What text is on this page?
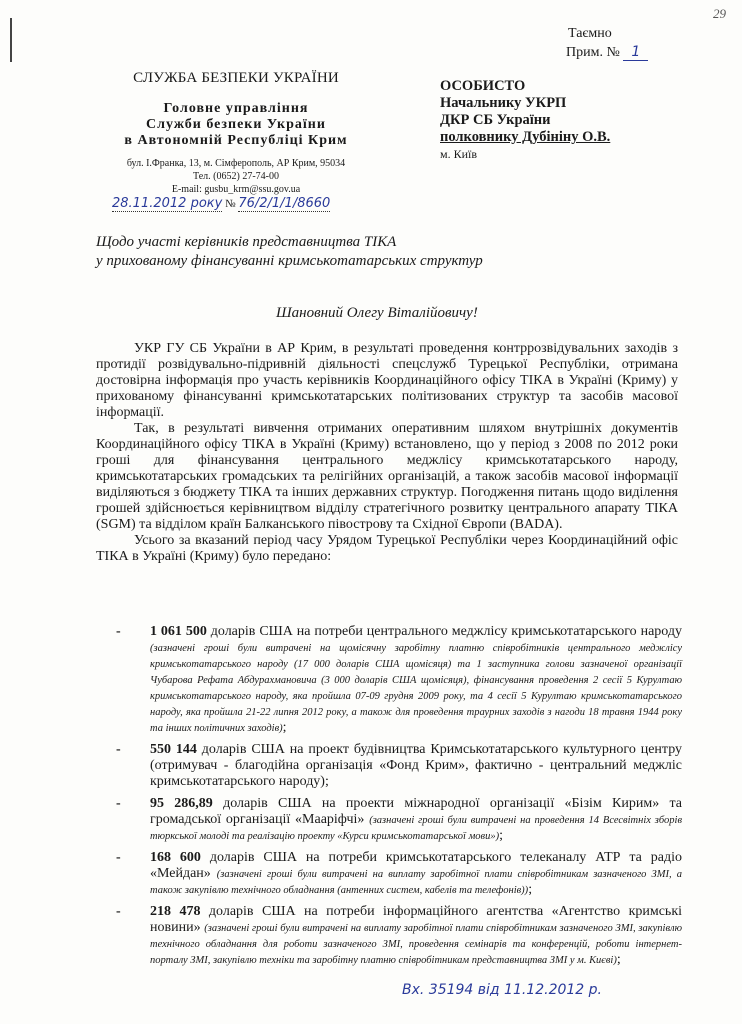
29
Таємно
Прим. № 1
СЛУЖБА БЕЗПЕКИ УКРАЇНИ
Головне управління
Служби безпеки України
в Автономній Республіці Крим
бул. І.Франка, 13, м. Сімферополь, АР Крим, 95034
Тел. (0652) 27-74-00
E-mail: gusbu_krm@ssu.gov.ua
28.11.2012 року № 76/2/1/1/8660
ОСОБИСТО
Начальнику УКРП
ДКР СБ України
полковнику Дубініну О.В.
м. Київ
Щодо участі керівників представництва ТІКА
у прихованому фінансуванні кримськотатарських структур
Шановний Олегу Віталійовичу!

УКР ГУ СБ України в АР Крим, в результаті проведення контррозвідувальних заходів з протидії розвідувально-підривній діяльності спецслужб Турецької Республіки, отримана достовірна інформація про участь керівників Координаційного офісу ТІКА в Україні (Криму) у прихованому фінансуванні кримськотатарських політизованих структур та засобів масової інформації.

Так, в результаті вивчення отриманих оперативним шляхом внутрішніх документів Координаційного офісу ТІКА в Україні (Криму) встановлено, що у період з 2008 по 2012 роки гроші для фінансування центрального меджлісу кримськотатарського народу, кримськотатарських громадських та релігійних організацій, а також засобів масової інформації виділяються з бюджету ТІКА та інших державних структур. Погодження питань щодо виділення грошей здійснюється керівництвом відділу стратегічного розвитку центрального апарату ТІКА (SGM) та відділом країн Балканського півострову та Східної Європи (BADA).

Усього за вказаний період часу Урядом Турецької Республіки через Координаційний офіс ТІКА в Україні (Криму) було передано:

- 1 061 500 доларів США на потреби центрального меджлісу кримськотатарського народу (зазначені гроші були витрачені на щомісячну заробітну платню співробітників центрального меджлісу кримськотатарського народу (17 000 доларів США щомісяця) та 1 заступника голови зазначеної організації Чубарова Рефата Абдурахмановича (3 000 доларів США щомісяця), фінансування проведення 2 сесії 5 Курултаю кримськотатарського народу, яка пройшла 07-09 грудня 2009 року, та 4 сесії 5 Курултаю кримськотатарського народу, яка пройшла 21-22 липня 2012 року, а також для проведення траурних заходів з нагоди 18 травня 1944 року та інших політичних заходів);
- 550 144 доларів США на проект будівництва Кримськотатарського культурного центру (отримувач - благодійна організація «Фонд Крим», фактично - центральний меджліс кримськотатарського народу);
- 95 286,89 доларів США на проекти міжнародної організації «Бізім Кирим» та громадської організації «Мааріфчі» (зазначені гроші були витрачені на проведення 14 Всесвітніх зборів тюркської молоді та реалізацію проекту «Курси кримськотатарської мови»);
- 168 600 доларів США на потреби кримськотатарського телеканалу АТР та радіо «Мейдан» (зазначені гроші були витрачені на виплату заробітної плати співробітникам зазначеного ЗМІ, а також закупівлю технічного обладнання (антенних систем, кабелів та телефонів));
- 218 478 доларів США на потреби інформаційного агентства «Агентство кримські новини» (зазначені гроші були витрачені на виплату заробітної плати співробітникам зазначеного ЗМІ, закупівлю технічного обладнання для роботи зазначеного ЗМІ, проведення семінарів та конференцій, роботи інтернет-порталу ЗМІ, закупівлю техніки та заробітну платню співробітникам представництва ЗМІ у м. Києві);
Вх. 35194 від 11.12.2012 р.
